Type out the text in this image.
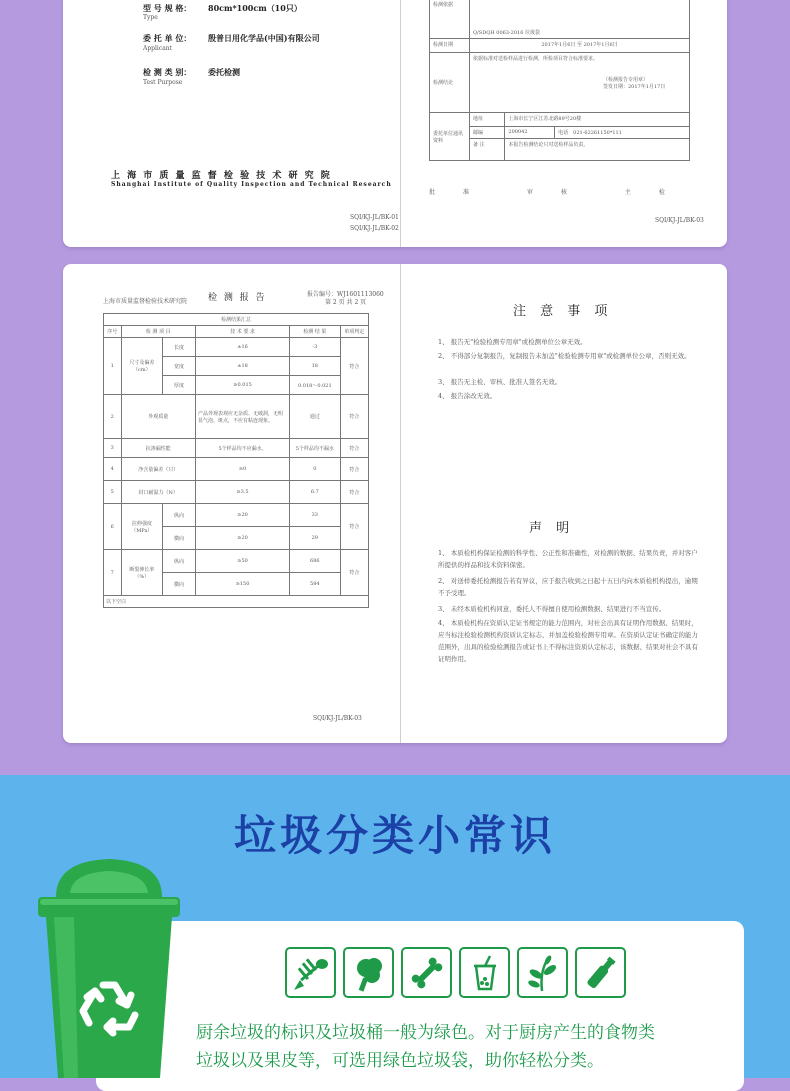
型 号 规 格：
Type
80cm*100cm（10只）
委 托 单 位：
Applicant
殷普日用化学品(中国)有限公司
检 测 类 别：
Test Purpose
委托检测
上 海 市 质 量 监 督 检 验 技 术 研 究 院
Shanghai Institute of Quality Inspection and Technical Research
SQI/KJ-JL/BK-01
SQI/KJ-JL/BK-02
检测依据	Q/SDQH 0063-2016 垃圾袋		
检测日期	2017年1月6日 至 2017年1月6日		
检测结论	依据标准对送检样品进行检测，所检项目符合标准要求。
（检测报告专用章）
签发日期：2017年1月17日		

委托单位通讯资料	地址	上海市长宁区江苏北路89号20楼	
	邮编	200042	电话　 021-62261150*111
	备 注	本报告检测结论只对送检样品负责。	
批准 审核 主检
SQI/KJ-JL/BK-03
上海市质量监督检验技术研究院 检 测 报 告	报告编号：WJ1601113060
第 2 页 共 2 页
检测结果汇总					
序号	检 测 项 目		技 术 要 求	检测 结 果	单项判定
1	尺寸及偏差（cm）	长度	±16	-3	符合
		宽度	±18	18	
		厚度	≥0.015	0.018～0.021	
2	外观质量		产品外观表观应无杂质、无破洞，无明显气泡、斑点，不应有粘连现象。	通过	符合
3	抗渗漏性能		5个样品均不应漏水。	5个样品均不漏水	符合
4	净含量偏差（只）		≥0	0	符合
5	封口耐温力（N）		≥3.5	6.7	符合
6	拉伸强度（MPa）	纵向	≥20	33	符合
		横向	≥20	29	
7	断裂伸长率（%）	纵向	≥50	686	符合
		横向	≥150	584	
以下空白					
SQI/KJ-JL/BK-03
注 意 事 项
1、 报告无"检验检测专用章"或检测单位公章无效。
2、 不得部分复制报告，复制报告未加盖"检验检测专用章"或检测单位公章，否则无效。
3、 报告无主检、审核、批准人签名无效。
4、 报告涂改无效。
声 明
1、 本质检机构保证检测的科学性、公正性和准确性，对检测的数据、结果负责，并对客户所提供的样品和技术资料保密。
2、 对送样委托检测报告若有异议，应于报告收到之日起十五日内向本质检机构提出，逾期不予受理。
3、 未经本质检机构同意，委托人不得擅自使用检测数据、结果进行不当宣传。
4、 本质检机构在资质认定证书规定的能力范围内，对社会出具有证明作用数据、结果时，应当标注检验检测机构资质认定标志，并加盖检验检测专用章。在资质认定证书确定的能力范围外，出具的检验检测报告或证书上不得标注资质认定标志，该数据、结果对社会不具有证明作用。
垃圾分类小常识
厨余垃圾的标识及垃圾桶一般为绿色。对于厨房产生的食物类
垃圾以及果皮等，可选用绿色垃圾袋，助你轻松分类。
